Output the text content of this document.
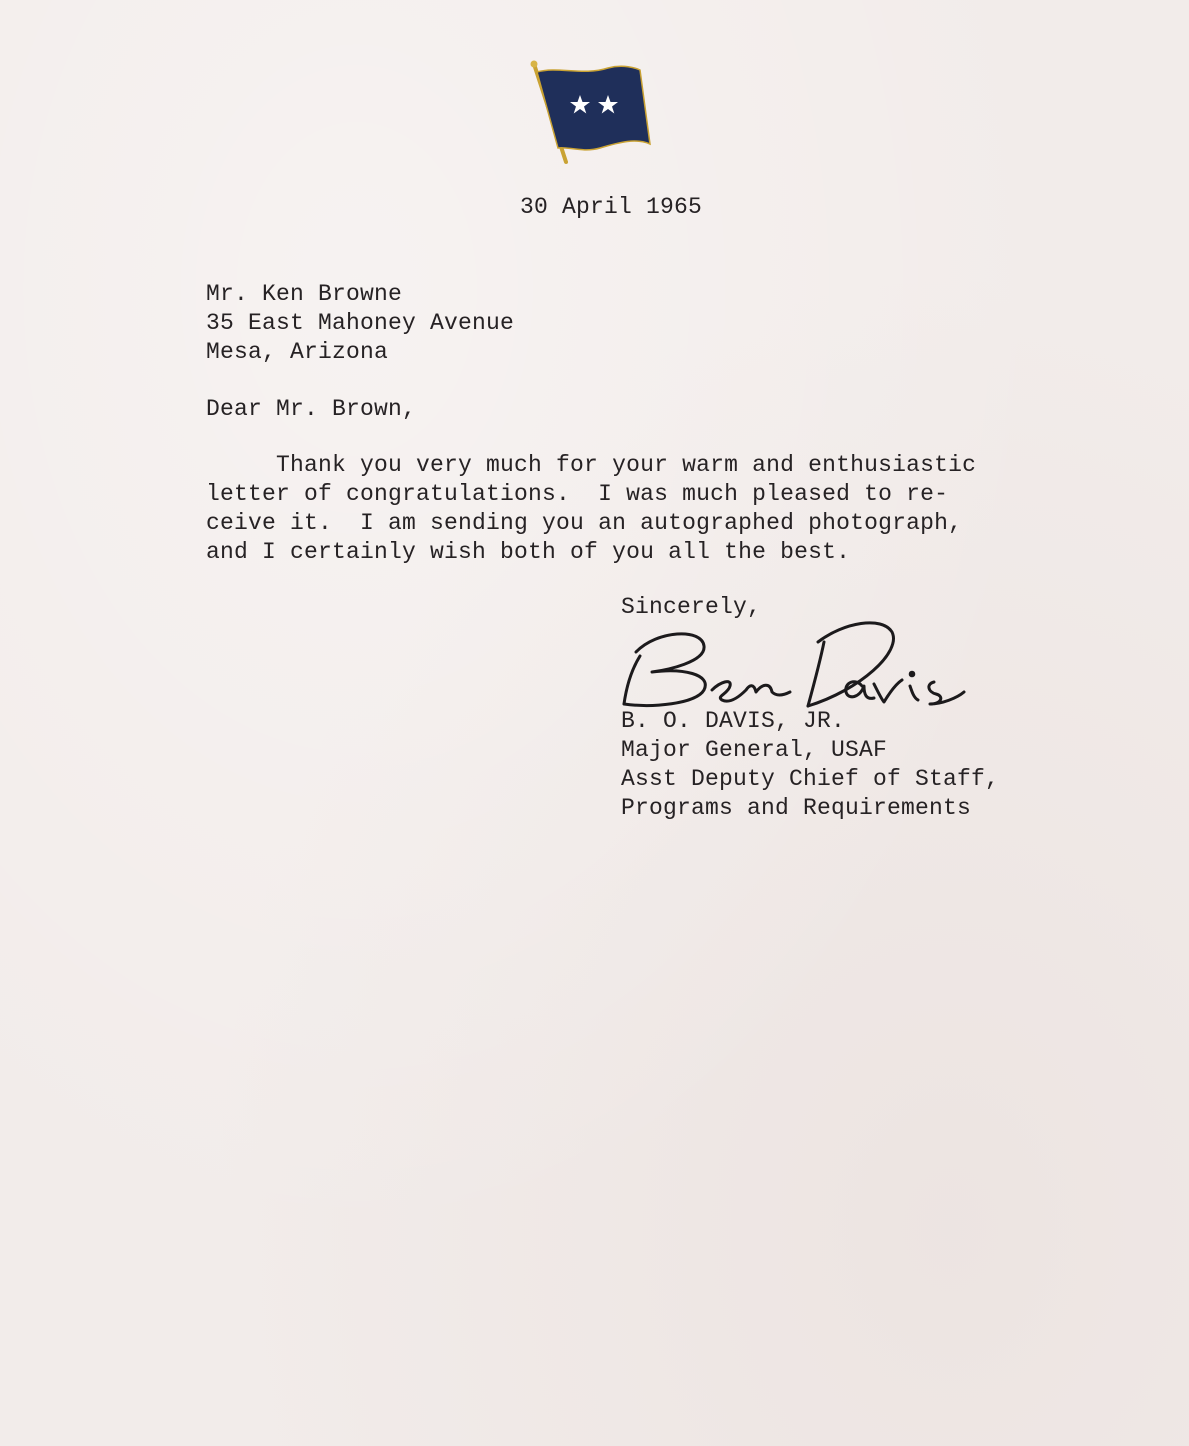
30 April 1965
Mr. Ken Browne
35 East Mahoney Avenue
Mesa, Arizona
Dear Mr. Brown,
Thank you very much for your warm and enthusiastic
letter of congratulations.  I was much pleased to re-
ceive it.  I am sending you an autographed photograph,
and I certainly wish both of you all the best.
Sincerely,
B. O. DAVIS, JR.
Major General, USAF
Asst Deputy Chief of Staff,
Programs and Requirements
